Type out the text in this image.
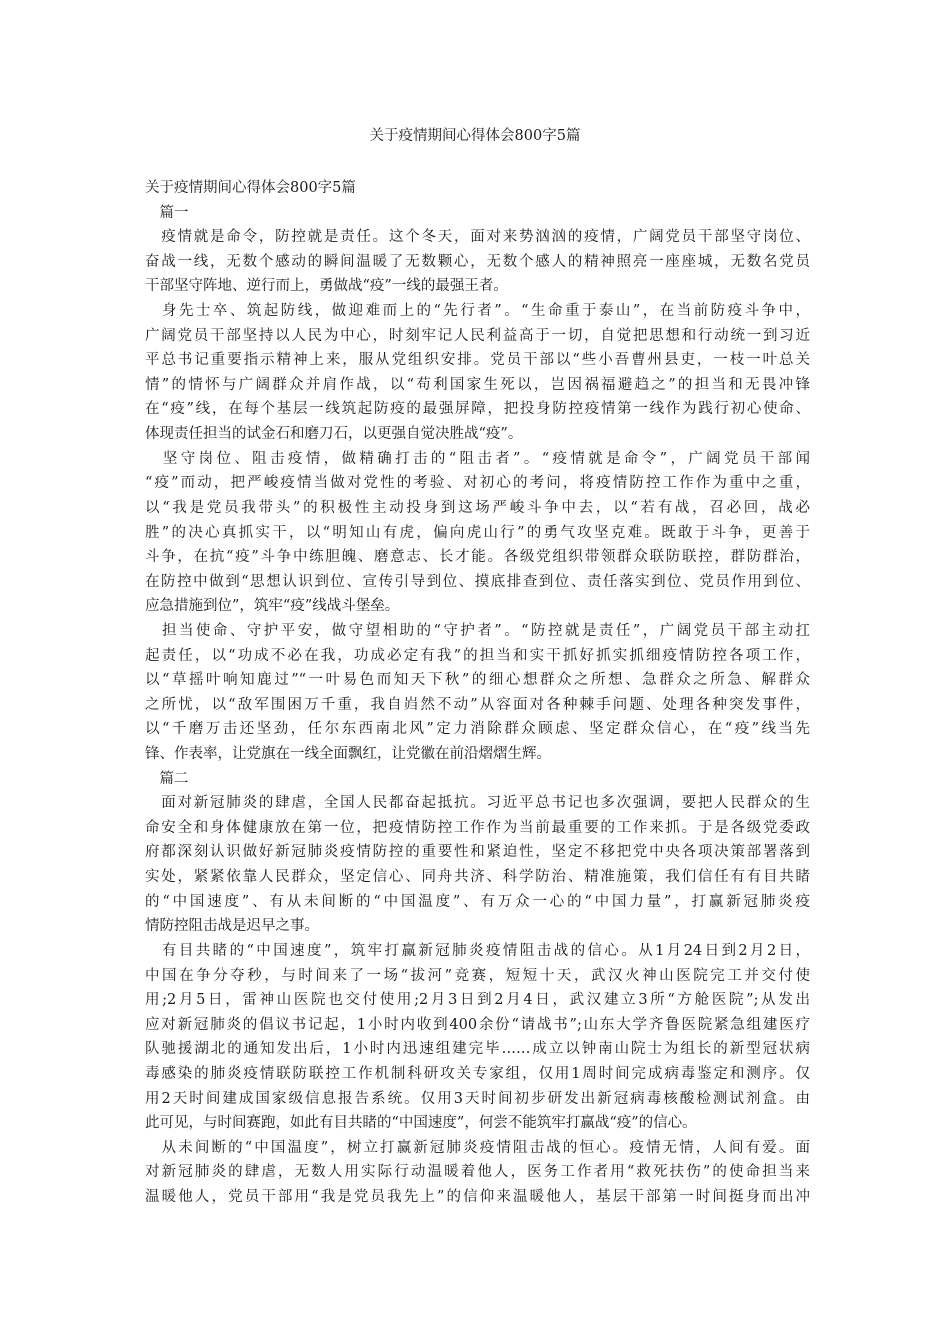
关于疫情期间心得体会800字5篇
关于疫情期间心得体会800字5篇
　篇一
　疫情就是命令，防控就是责任。这个冬天，面对来势汹汹的疫情，广阔党员干部坚守岗位、
奋战一线，无数个感动的瞬间温暖了无数颗心，无数个感人的精神照亮一座座城，无数名党员
干部坚守阵地、逆行而上，勇做战“疫”一线的最强王者。
　身先士卒、筑起防线，做迎难而上的“先行者”。“生命重于泰山”，在当前防疫斗争中，
广阔党员干部坚持以人民为中心，时刻牢记人民利益高于一切，自觉把思想和行动统一到习近
平总书记重要指示精神上来，服从党组织安排。党员干部以“些小吾曹州县吏，一枝一叶总关
情”的情怀与广阔群众并肩作战，以“苟利国家生死以，岂因祸福避趋之”的担当和无畏冲锋
在“疫”线，在每个基层一线筑起防疫的最强屏障，把投身防控疫情第一线作为践行初心使命、
体现责任担当的试金石和磨刀石，以更强自觉决胜战“疫”。
　坚守岗位、阻击疫情，做精确打击的“阻击者”。“疫情就是命令”，广阔党员干部闻
“疫”而动，把严峻疫情当做对党性的考验、对初心的考问，将疫情防控工作作为重中之重，
以“我是党员我带头”的积极性主动投身到这场严峻斗争中去，以“若有战，召必回，战必
胜”的决心真抓实干，以“明知山有虎，偏向虎山行”的勇气攻坚克难。既敢于斗争，更善于
斗争，在抗“疫”斗争中练胆魄、磨意志、长才能。各级党组织带领群众联防联控，群防群治，
在防控中做到“思想认识到位、宣传引导到位、摸底排查到位、责任落实到位、党员作用到位、
应急措施到位”，筑牢“疫”线战斗堡垒。
　担当使命、守护平安，做守望相助的“守护者”。“防控就是责任”，广阔党员干部主动扛
起责任，以“功成不必在我，功成必定有我”的担当和实干抓好抓实抓细疫情防控各项工作，
以“草摇叶响知鹿过”“一叶易色而知天下秋”的细心想群众之所想、急群众之所急、解群众
之所忧，以“敌军围困万千重，我自岿然不动”从容面对各种棘手问题、处理各种突发事件，
以“千磨万击还坚劲，任尔东西南北风”定力消除群众顾虑、坚定群众信心，在“疫”线当先
锋、作表率，让党旗在一线全面飘红，让党徽在前沿熠熠生辉。
　篇二
　面对新冠肺炎的肆虐，全国人民都奋起抵抗。习近平总书记也多次强调，要把人民群众的生
命安全和身体健康放在第一位，把疫情防控工作作为当前最重要的工作来抓。于是各级党委政
府都深刻认识做好新冠肺炎疫情防控的重要性和紧迫性，坚定不移把党中央各项决策部署落到
实处，紧紧依靠人民群众，坚定信心、同舟共济、科学防治、精准施策，我们信任有有目共睹
的“中国速度”、有从未间断的“中国温度”、有万众一心的“中国力量”，打赢新冠肺炎疫
情防控阻击战是迟早之事。
　有目共睹的“中国速度”，筑牢打赢新冠肺炎疫情阻击战的信心。从1月24日到2月2日，
中国在争分夺秒，与时间来了一场“拔河”竞赛，短短十天，武汉火神山医院完工并交付使
用;2月5日，雷神山医院也交付使用;2月3日到2月4日，武汉建立3所“方舱医院”;从发出
应对新冠肺炎的倡议书记起，1小时内收到400余份“请战书”;山东大学齐鲁医院紧急组建医疗
队驰援湖北的通知发出后，1小时内迅速组建完毕……成立以钟南山院士为组长的新型冠状病
毒感染的肺炎疫情联防联控工作机制科研攻关专家组，仅用1周时间完成病毒鉴定和测序。仅
用2天时间建成国家级信息报告系统。仅用3天时间初步研发出新冠病毒核酸检测试剂盒。由
此可见，与时间赛跑，如此有目共睹的“中国速度”，何尝不能筑牢打赢战“疫”的信心。
　从未间断的“中国温度”，树立打赢新冠肺炎疫情阻击战的恒心。疫情无情，人间有爱。面
对新冠肺炎的肆虐，无数人用实际行动温暖着他人，医务工作者用“救死扶伤”的使命担当来
温暖他人，党员干部用“我是党员我先上”的信仰来温暖他人，基层干部第一时间挺身而出冲
